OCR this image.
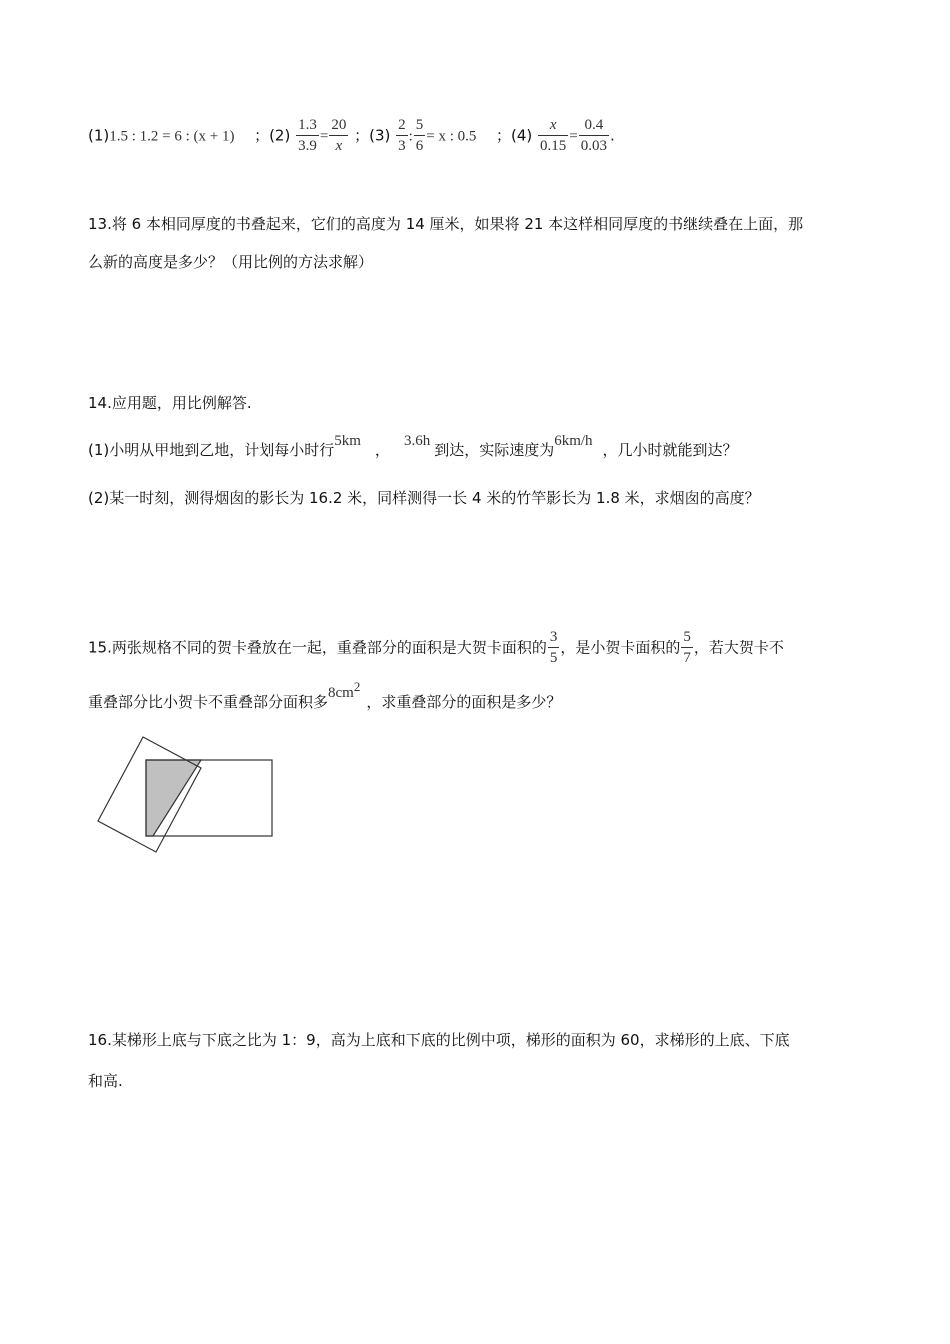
(1)1.5 : 1.2 = 6 : (x + 1) ；$(2) \frac{1.3}{3.9} = \frac{20}{x}$ ；$(3) \frac{2}{3}$ : $\frac{5}{6} = x$ : 0.5 ；$(4) \frac{x}{0.15} = \frac{0.4}{0.03}$ .
13.将 6 本相同厚度的书叠起来，它们的高度为 14 厘米，如果将 21 本这样相同厚度的书继续叠在上面，那
么新的高度是多少？（用比例的方法求解）
14.应用题，用比例解答.
(1)小明从甲地到乙地，计划每小时行5km ， 3.6h 到达，实际速度为6km/h ，几小时就能到达？
(2)某一时刻，测得烟囱的影长为 16.2 米，同样测得一长 4 米的竹竿影长为 1.8 米，求烟囱的高度？
15.两张规格不同的贺卡叠放在一起，重叠部分的面积是大贺卡面积的 $\frac{3}{5}$ ，是小贺卡面积的 $\frac{5}{7}$ ，若大贺卡不
重叠部分比小贺卡不重叠部分面积多8cm2，求重叠部分的面积是多少？
16.某梯形上底与下底之比为 1：9，高为上底和下底的比例中项，梯形的面积为 60，求梯形的上底、下底
和高.
